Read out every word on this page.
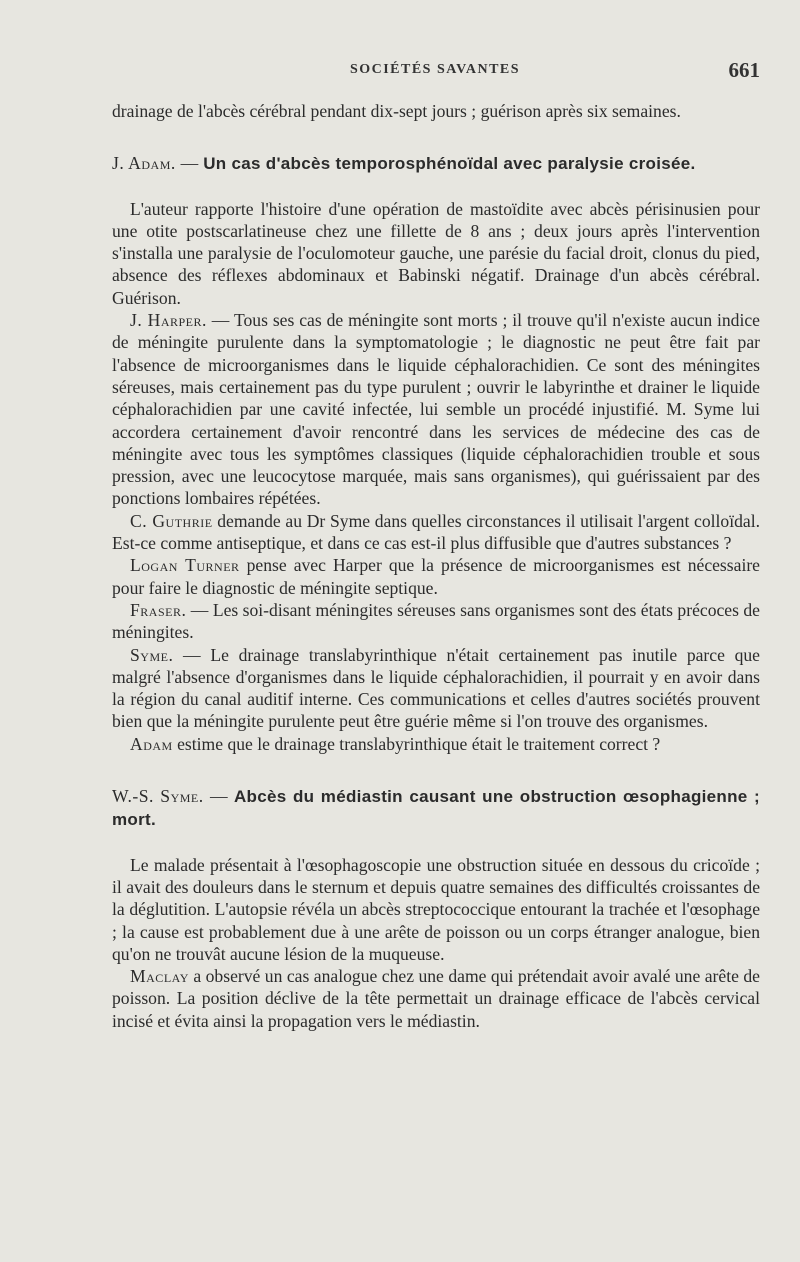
SOCIÉTÉS SAVANTES	661

drainage de l'abcès cérébral pendant dix-sept jours ; guérison après six semaines.

J. Adam. — Un cas d'abcès temporosphénoïdal avec paralysie croisée.

L'auteur rapporte l'histoire d'une opération de mastoïdite avec abcès périsinusien pour une otite postscarlatineuse chez une fillette de 8 ans ; deux jours après l'intervention s'installa une paralysie de l'oculomoteur gauche, une parésie du facial droit, clonus du pied, absence des réflexes abdominaux et Babinski négatif. Drainage d'un abcès cérébral. Guérison.

J. Harper. — Tous ses cas de méningite sont morts ; il trouve qu'il n'existe aucun indice de méningite purulente dans la symptomatologie ; le diagnostic ne peut être fait par l'absence de microorganismes dans le liquide céphalorachidien. Ce sont des méningites séreuses, mais certainement pas du type purulent ; ouvrir le labyrinthe et drainer le liquide céphalorachidien par une cavité infectée, lui semble un procédé injustifié. M. Syme lui accordera certainement d'avoir rencontré dans les services de médecine des cas de méningite avec tous les symptômes classiques (liquide céphalorachidien trouble et sous pression, avec une leucocytose marquée, mais sans organismes), qui guérissaient par des ponctions lombaires répétées.

C. Guthrie demande au Dr Syme dans quelles circonstances il utilisait l'argent colloïdal. Est-ce comme antiseptique, et dans ce cas est-il plus diffusible que d'autres substances ?

Logan Turner pense avec Harper que la présence de microorganismes est nécessaire pour faire le diagnostic de méningite septique.

Fraser. — Les soi-disant méningites séreuses sans organismes sont des états précoces de méningites.

Syme. — Le drainage translabyrinthique n'était certainement pas inutile parce que malgré l'absence d'organismes dans le liquide céphalorachidien, il pourrait y en avoir dans la région du canal auditif interne. Ces communications et celles d'autres sociétés prouvent bien que la méningite purulente peut être guérie même si l'on trouve des organismes.

Adam estime que le drainage translabyrinthique était le traitement correct ?

W.-S. Syme. — Abcès du médiastin causant une obstruction œsophagienne ; mort.

Le malade présentait à l'œsophagoscopie une obstruction située en dessous du cricoïde ; il avait des douleurs dans le sternum et depuis quatre semaines des difficultés croissantes de la déglutition. L'autopsie révéla un abcès streptococcique entourant la trachée et l'œsophage ; la cause est probablement due à une arête de poisson ou un corps étranger analogue, bien qu'on ne trouvât aucune lésion de la muqueuse.

Maclay a observé un cas analogue chez une dame qui prétendait avoir avalé une arête de poisson. La position déclive de la tête permettait un drainage efficace de l'abcès cervical incisé et évita ainsi la propagation vers le médiastin.
